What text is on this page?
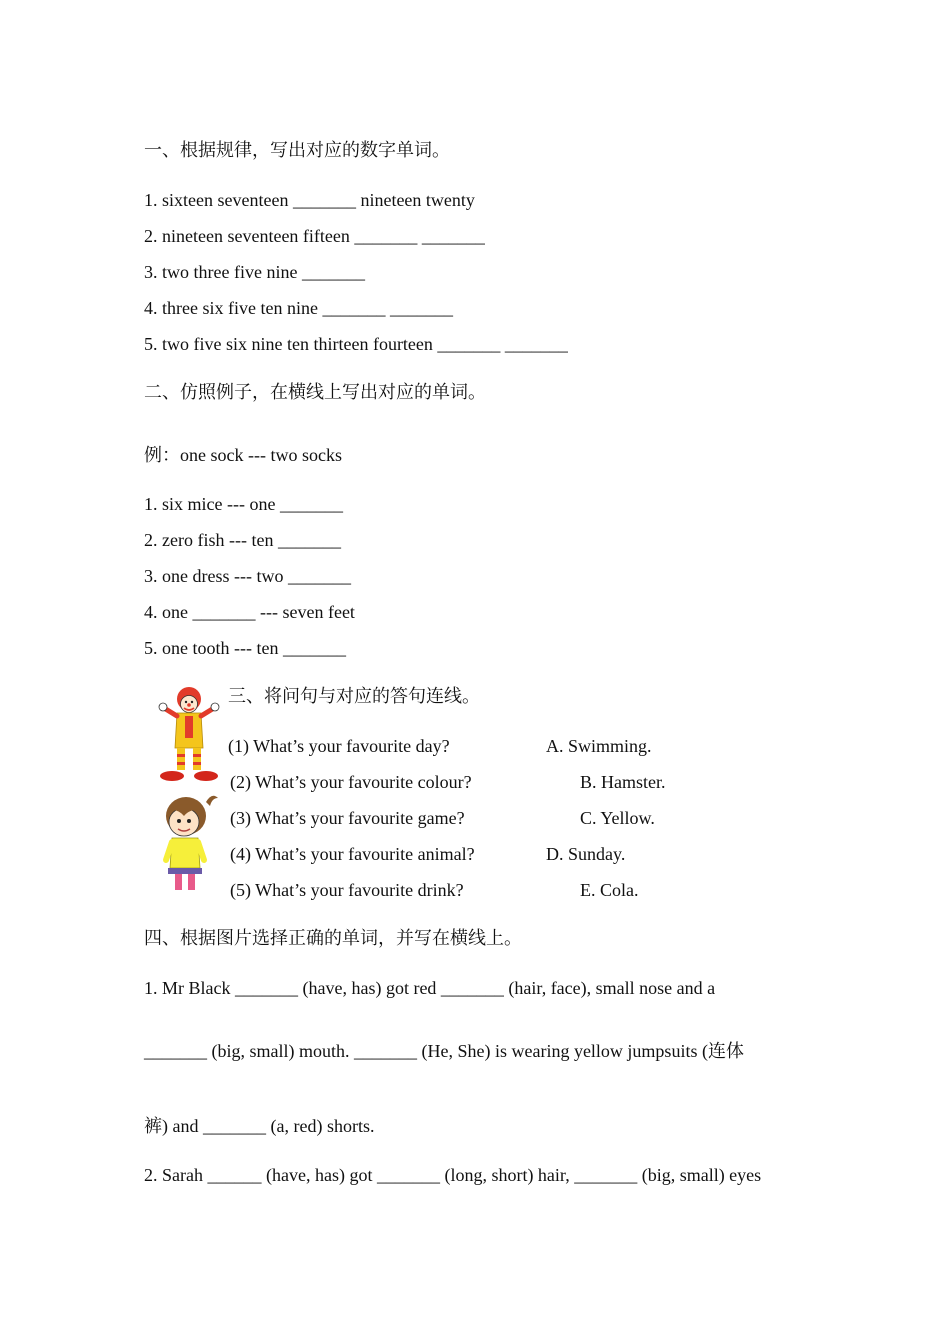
一、根据规律，写出对应的数字单词。
1. sixteen seventeen _______ nineteen twenty
2. nineteen seventeen fifteen _______ _______
3. two three five nine _______
4. three six five ten nine _______ _______
5. two five six nine ten thirteen fourteen _______ _______
二、仿照例子，在横线上写出对应的单词。
例：one sock --- two socks
1. six mice --- one _______
2. zero fish --- ten _______
3. one dress --- two _______
4. one _______ --- seven feet
5. one tooth --- ten _______
三、将问句与对应的答句连线。
(1) What’s your favourite day?
(2) What’s your favourite colour?
(3) What’s your favourite game?
(4) What’s your favourite animal?
(5) What’s your favourite drink?
A. Swimming.
B. Hamster.
C. Yellow.
D. Sunday.
E. Cola.
四、根据图片选择正确的单词，并写在横线上。
1. Mr Black _______ (have, has) got red _______ (hair, face), small nose and a
_______ (big, small) mouth. _______ (He, She) is wearing yellow jumpsuits (连体
裤) and _______ (a, red) shorts.
2. Sarah ______ (have, has) got _______ (long, short) hair, _______ (big, small) eyes
